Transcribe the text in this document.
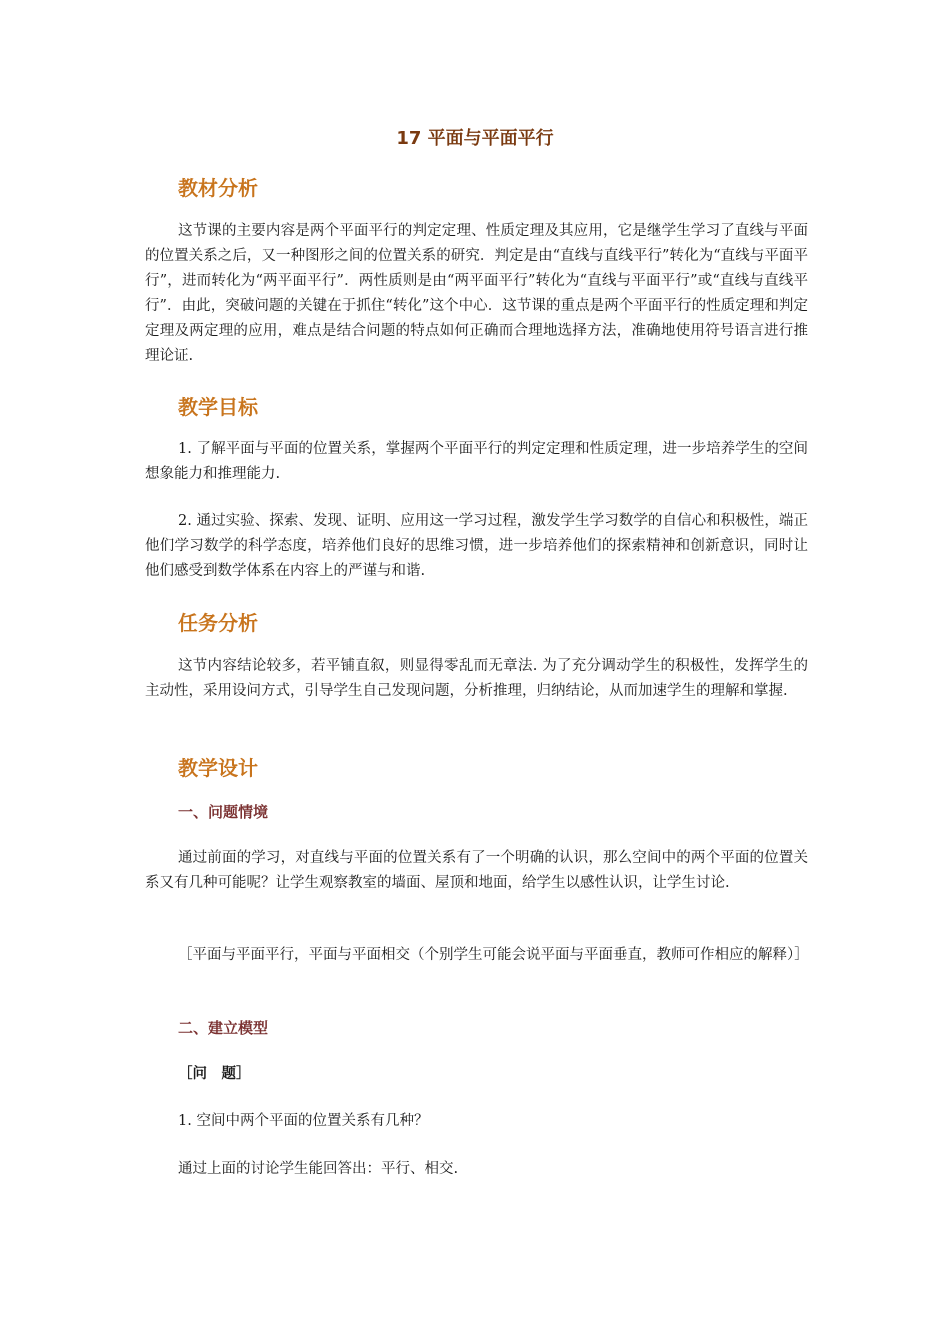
17 平面与平面平行
教材分析
这节课的主要内容是两个平面平行的判定定理、性质定理及其应用，它是继学生学习了直线与平面的位置关系之后，又一种图形之间的位置关系的研究．判定是由“直线与直线平行”转化为“直线与平面平行”，进而转化为“两平面平行”．两性质则是由“两平面平行”转化为“直线与平面平行”或“直线与直线平行”．由此，突破问题的关键在于抓住“转化”这个中心．这节课的重点是两个平面平行的性质定理和判定定理及两定理的应用，难点是结合问题的特点如何正确而合理地选择方法，准确地使用符号语言进行推理论证.
教学目标
1. 了解平面与平面的位置关系，掌握两个平面平行的判定定理和性质定理，进一步培养学生的空间想象能力和推理能力.
2. 通过实验、探索、发现、证明、应用这一学习过程，激发学生学习数学的自信心和积极性，端正他们学习数学的科学态度，培养他们良好的思维习惯，进一步培养他们的探索精神和创新意识，同时让他们感受到数学体系在内容上的严谨与和谐.
任务分析
这节内容结论较多，若平铺直叙，则显得零乱而无章法. 为了充分调动学生的积极性，发挥学生的主动性，采用设问方式，引导学生自己发现问题，分析推理，归纳结论，从而加速学生的理解和掌握.
教学设计
一、问题情境
通过前面的学习，对直线与平面的位置关系有了一个明确的认识，那么空间中的两个平面的位置关系又有几种可能呢？让学生观察教室的墙面、屋顶和地面，给学生以感性认识，让学生讨论.
［平面与平面平行，平面与平面相交（个别学生可能会说平面与平面垂直，教师可作相应的解释）］
二、建立模型
［问　题］
1. 空间中两个平面的位置关系有几种？
通过上面的讨论学生能回答出：平行、相交.
